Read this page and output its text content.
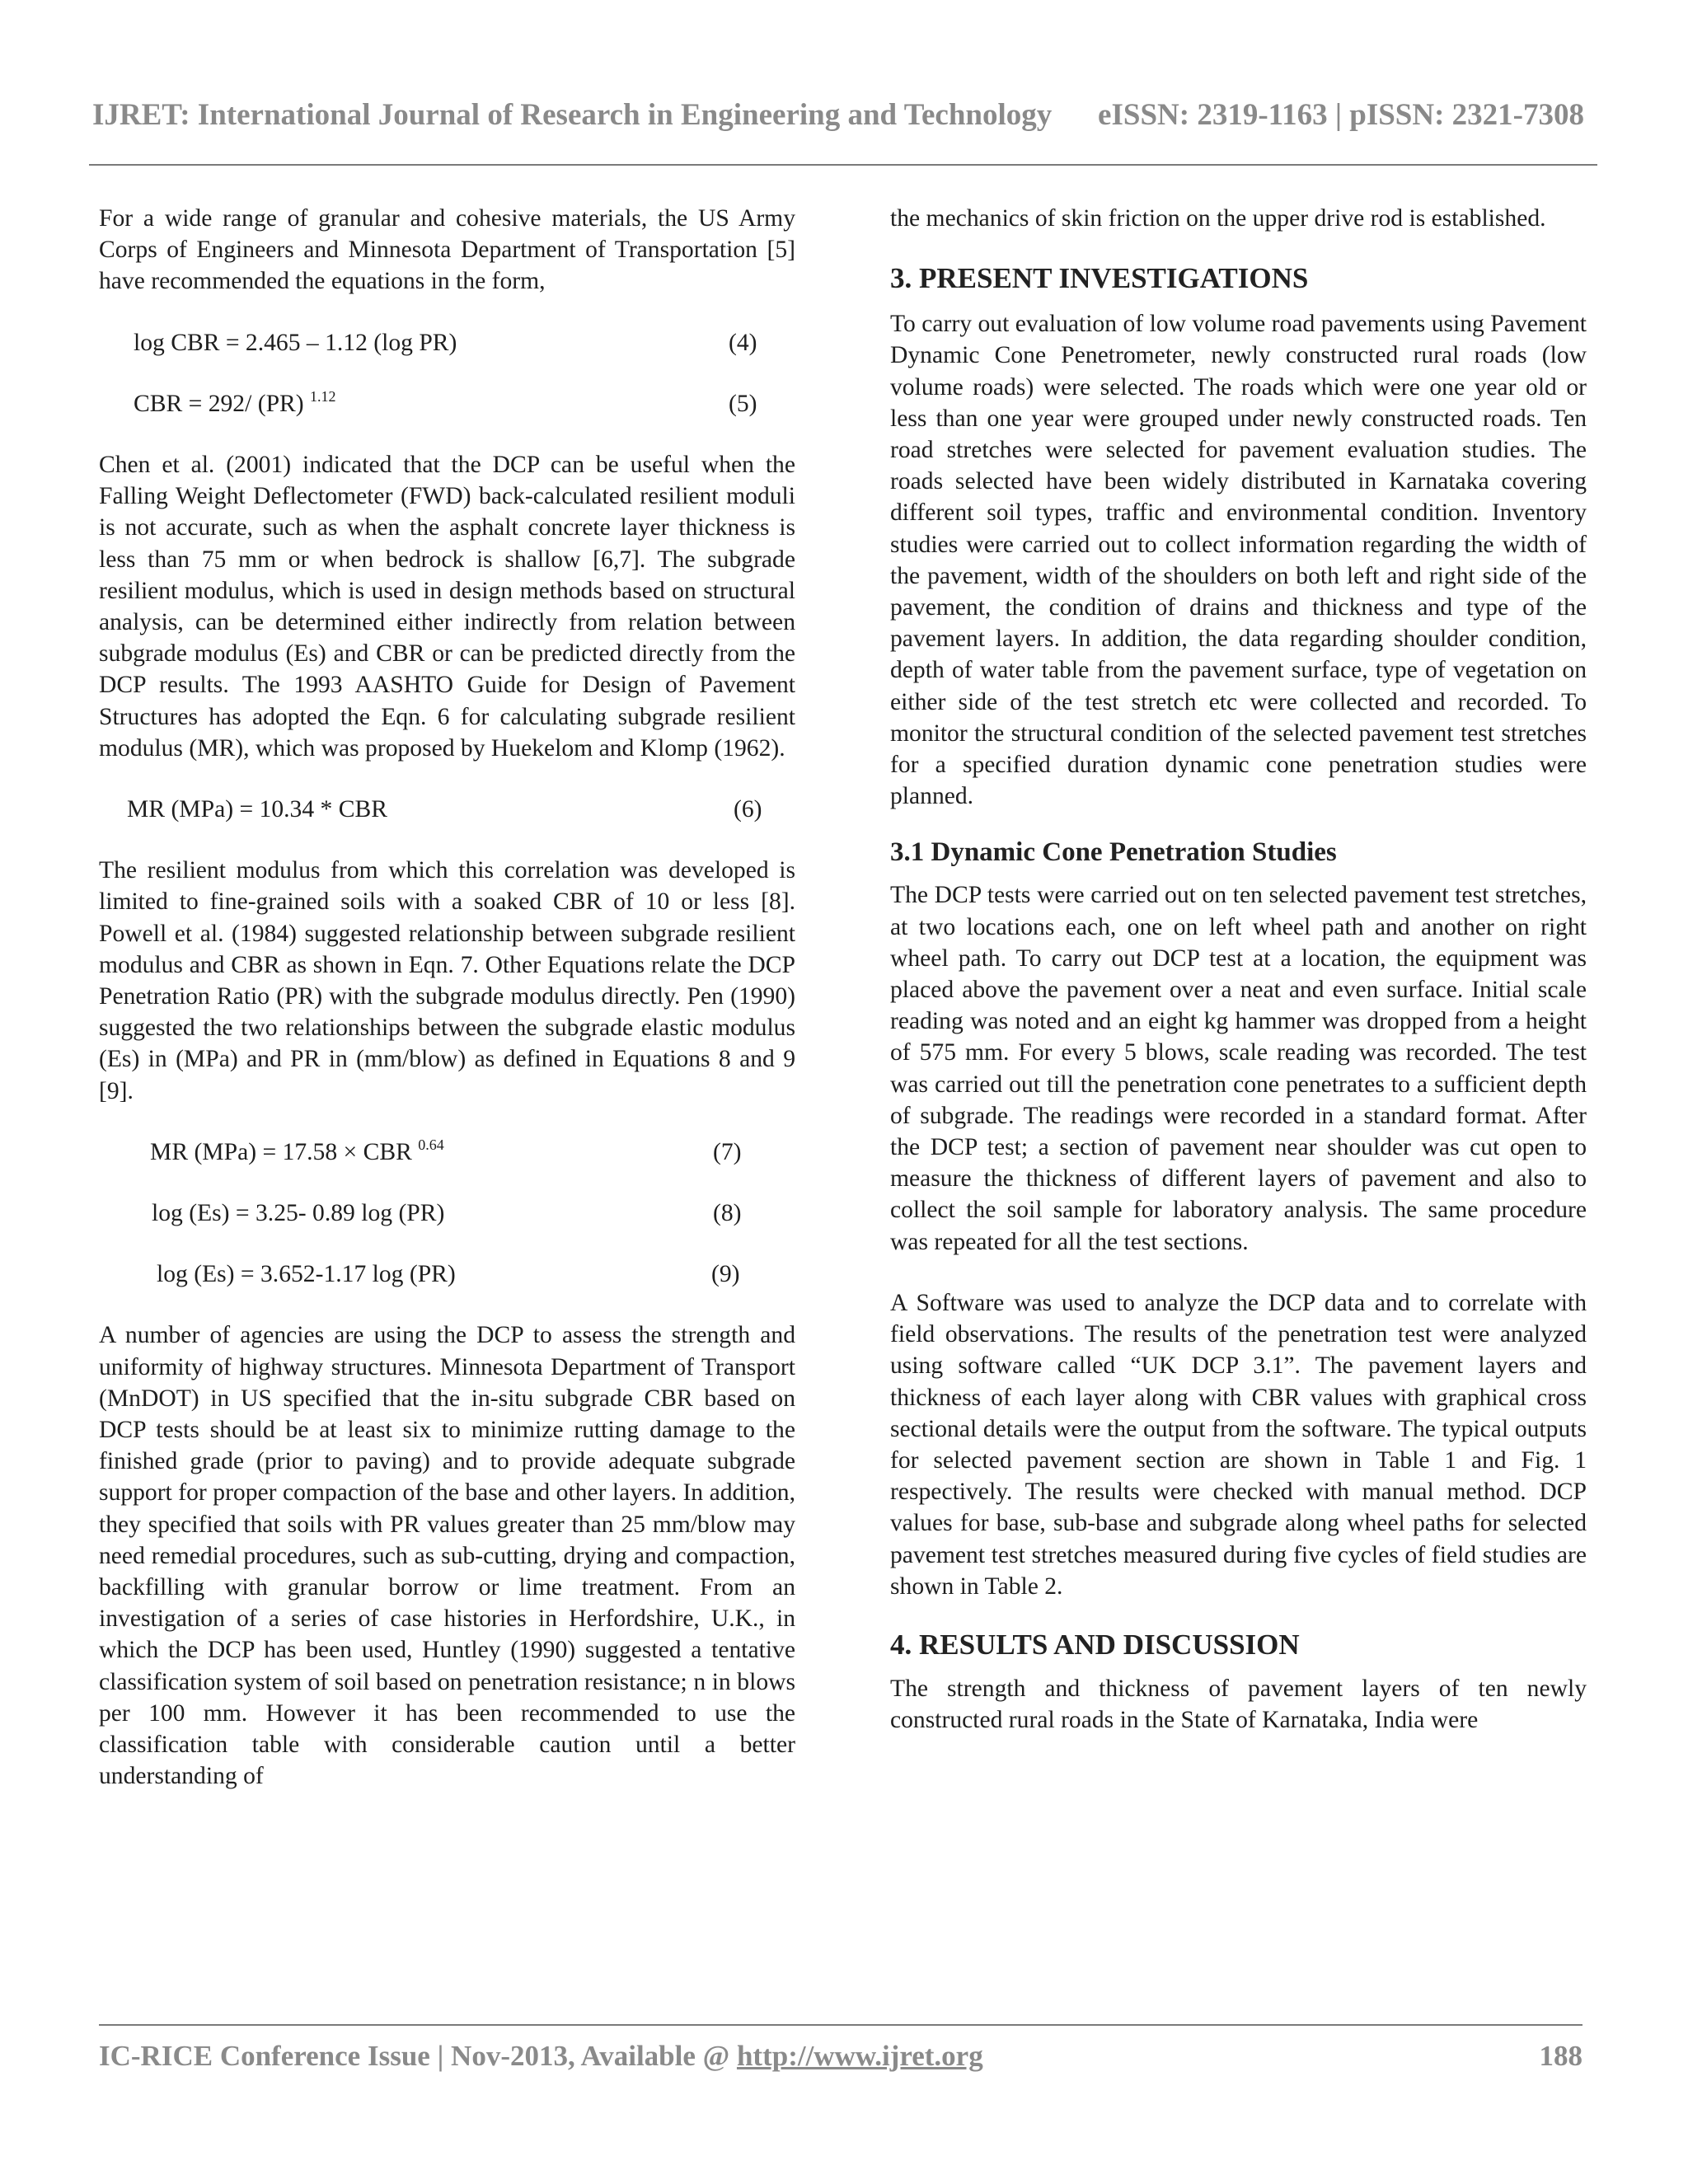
IJRET: International Journal of Research in Engineering and Technology eISSN: 2319-1163 | pISSN: 2321-7308

For a wide range of granular and cohesive materials, the US Army Corps of Engineers and Minnesota Department of Transportation [5] have recommended the equations in the form,

log CBR = 2.465 – 1.12 (log PR)	(4)
CBR = 292/ (PR) $^{1.12}$	(5)

Chen et al. (2001) indicated that the DCP can be useful when the Falling Weight Deflectometer (FWD) back-calculated resilient moduli is not accurate, such as when the asphalt concrete layer thickness is less than 75 mm or when bedrock is shallow [6,7]. The subgrade resilient modulus, which is used in design methods based on structural analysis, can be determined either indirectly from relation between subgrade modulus (Es) and CBR or can be predicted directly from the DCP results. The 1993 AASHTO Guide for Design of Pavement Structures has adopted the Eqn. 6 for calculating subgrade resilient modulus (MR), which was proposed by Huekelom and Klomp (1962).

MR (MPa) = 10.34 * CBR	(6)

The resilient modulus from which this correlation was developed is limited to fine-grained soils with a soaked CBR of 10 or less [8]. Powell et al. (1984) suggested relationship between subgrade resilient modulus and CBR as shown in Eqn. 7. Other Equations relate the DCP Penetration Ratio (PR) with the subgrade modulus directly. Pen (1990) suggested the two relationships between the subgrade elastic modulus (Es) in (MPa) and PR in (mm/blow) as defined in Equations 8 and 9 [9].

MR (MPa) = 17.58 × CBR $^{0.64}$	(7)
log (Es) = 3.25- 0.89 log (PR)	(8)
log (Es) = 3.652-1.17 log (PR)	(9)

A number of agencies are using the DCP to assess the strength and uniformity of highway structures. Minnesota Department of Transport (MnDOT) in US specified that the in-situ subgrade CBR based on DCP tests should be at least six to minimize rutting damage to the finished grade (prior to paving) and to provide adequate subgrade support for proper compaction of the base and other layers. In addition, they specified that soils with PR values greater than 25 mm/blow may need remedial procedures, such as sub-cutting, drying and compaction, backfilling with granular borrow or lime treatment. From an investigation of a series of case histories in Herfordshire, U.K., in which the DCP has been used, Huntley (1990) suggested a tentative classification system of soil based on penetration resistance; n in blows per 100 mm. However it has been recommended to use the classification table with considerable caution until a better understanding of

the mechanics of skin friction on the upper drive rod is established.

3. PRESENT INVESTIGATIONS

To carry out evaluation of low volume road pavements using Pavement Dynamic Cone Penetrometer, newly constructed rural roads (low volume roads) were selected. The roads which were one year old or less than one year were grouped under newly constructed roads. Ten road stretches were selected for pavement evaluation studies. The roads selected have been widely distributed in Karnataka covering different soil types, traffic and environmental condition. Inventory studies were carried out to collect information regarding the width of the pavement, width of the shoulders on both left and right side of the pavement, the condition of drains and thickness and type of the pavement layers. In addition, the data regarding shoulder condition, depth of water table from the pavement surface, type of vegetation on either side of the test stretch etc were collected and recorded. To monitor the structural condition of the selected pavement test stretches for a specified duration dynamic cone penetration studies were planned.

3.1 Dynamic Cone Penetration Studies

The DCP tests were carried out on ten selected pavement test stretches, at two locations each, one on left wheel path and another on right wheel path. To carry out DCP test at a location, the equipment was placed above the pavement over a neat and even surface. Initial scale reading was noted and an eight kg hammer was dropped from a height of 575 mm. For every 5 blows, scale reading was recorded. The test was carried out till the penetration cone penetrates to a sufficient depth of subgrade. The readings were recorded in a standard format. After the DCP test; a section of pavement near shoulder was cut open to measure the thickness of different layers of pavement and also to collect the soil sample for laboratory analysis. The same procedure was repeated for all the test sections.

A Software was used to analyze the DCP data and to correlate with field observations. The results of the penetration test were analyzed using software called “UK DCP 3.1”. The pavement layers and thickness of each layer along with CBR values with graphical cross sectional details were the output from the software. The typical outputs for selected pavement section are shown in Table 1 and Fig. 1 respectively. The results were checked with manual method. DCP values for base, sub-base and subgrade along wheel paths for selected pavement test stretches measured during five cycles of field studies are shown in Table 2.

4. RESULTS AND DISCUSSION

The strength and thickness of pavement layers of ten newly constructed rural roads in the State of Karnataka, India were

IC-RICE Conference Issue | Nov-2013, Available @ http://www.ijret.org	188
